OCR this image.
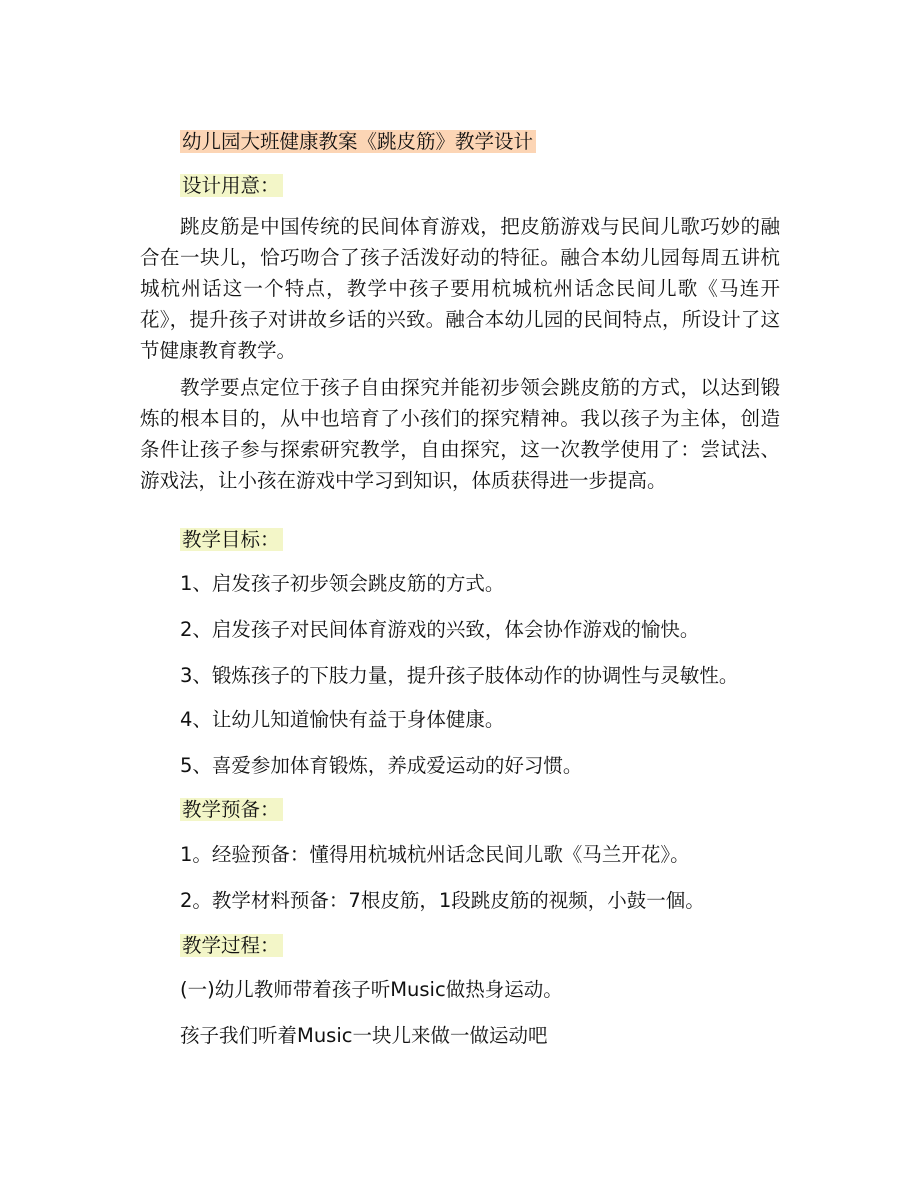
幼儿园大班健康教案《跳皮筋》教学设计
设计用意：

跳皮筋是中国传统的民间体育游戏，把皮筋游戏与民间儿歌巧妙的融合在一块儿，恰巧吻合了孩子活泼好动的特征。融合本幼儿园每周五讲杭城杭州话这一个特点，教学中孩子要用杭城杭州话念民间儿歌《马连开花》，提升孩子对讲故乡话的兴致。融合本幼儿园的民间特点，所设计了这节健康教育教学。

教学要点定位于孩子自由探究并能初步领会跳皮筋的方式，以达到锻炼的根本目的，从中也培育了小孩们的探究精神。我以孩子为主体，创造条件让孩子参与探索研究教学，自由探究，这一次教学使用了：尝试法、游戏法，让小孩在游戏中学习到知识，体质获得进一步提高。

教学目标：
1、启发孩子初步领会跳皮筋的方式。
2、启发孩子对民间体育游戏的兴致，体会协作游戏的愉快。
3、锻炼孩子的下肢力量，提升孩子肢体动作的协调性与灵敏性。
4、让幼儿知道愉快有益于身体健康。
5、喜爱参加体育锻炼，养成爱运动的好习惯。
教学预备：
1。经验预备：懂得用杭城杭州话念民间儿歌《马兰开花》。
2。教学材料预备：7根皮筋，1段跳皮筋的视频，小鼓一個。
教学过程：
(一)幼儿教师带着孩子听Music做热身运动。
孩子我们听着Music一块儿来做一做运动吧
